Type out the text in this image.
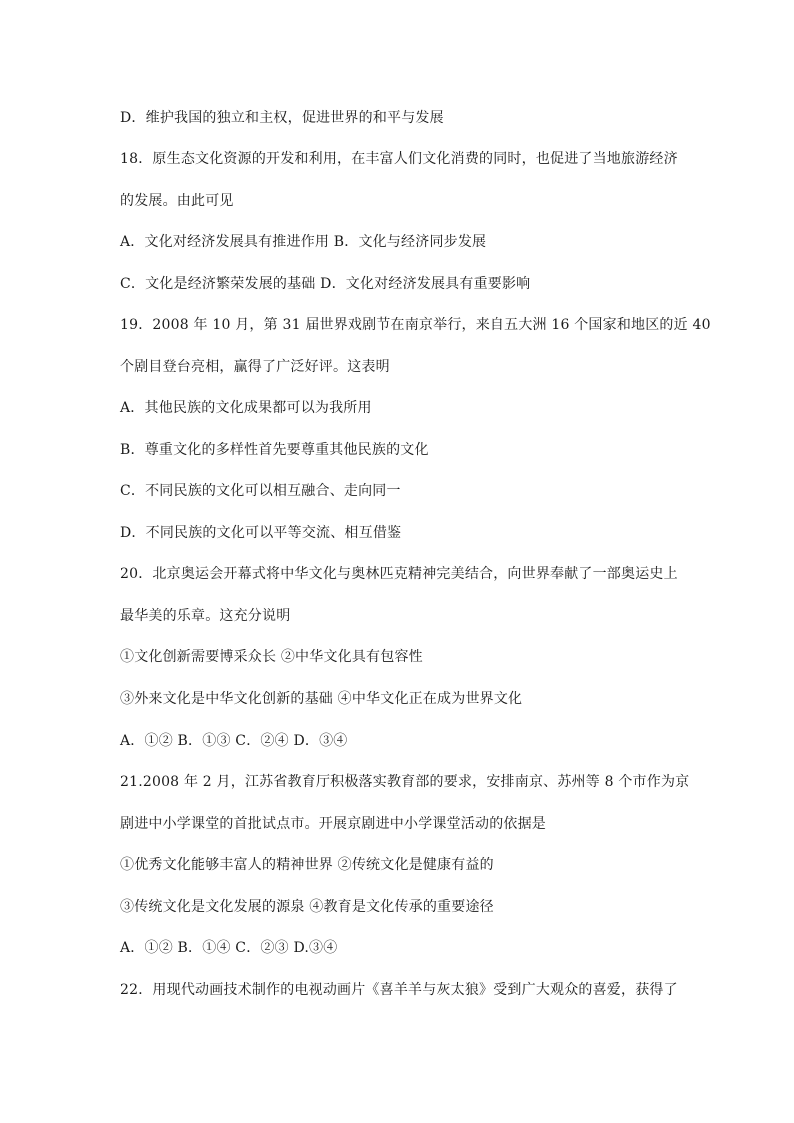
D．维护我国的独立和主权，促进世界的和平与发展
18．原生态文化资源的开发和利用，在丰富人们文化消费的同时，也促进了当地旅游经济
的发展。由此可见
A．文化对经济发展具有推进作用 B．文化与经济同步发展
C．文化是经济繁荣发展的基础 D．文化对经济发展具有重要影响
19．2008 年 10 月，第 31 届世界戏剧节在南京举行，来自五大洲 16 个国家和地区的近 40
个剧目登台亮相，赢得了广泛好评。这表明
A．其他民族的文化成果都可以为我所用
B．尊重文化的多样性首先要尊重其他民族的文化
C．不同民族的文化可以相互融合、走向同一
D．不同民族的文化可以平等交流、相互借鉴
20．北京奥运会开幕式将中华文化与奥林匹克精神完美结合，向世界奉献了一部奥运史上
最华美的乐章。这充分说明
①文化创新需要博采众长 ②中华文化具有包容性
③外来文化是中华文化创新的基础 ④中华文化正在成为世界文化
A．①② B．①③ C．②④ D．③④
21.2008 年 2 月，江苏省教育厅积极落实教育部的要求，安排南京、苏州等 8 个市作为京
剧进中小学课堂的首批试点市。开展京剧进中小学课堂活动的依据是
①优秀文化能够丰富人的精神世界 ②传统文化是健康有益的
③传统文化是文化发展的源泉 ④教育是文化传承的重要途径
A．①② B．①④ C．②③ D.③④
22．用现代动画技术制作的电视动画片《喜羊羊与灰太狼》受到广大观众的喜爱，获得了
